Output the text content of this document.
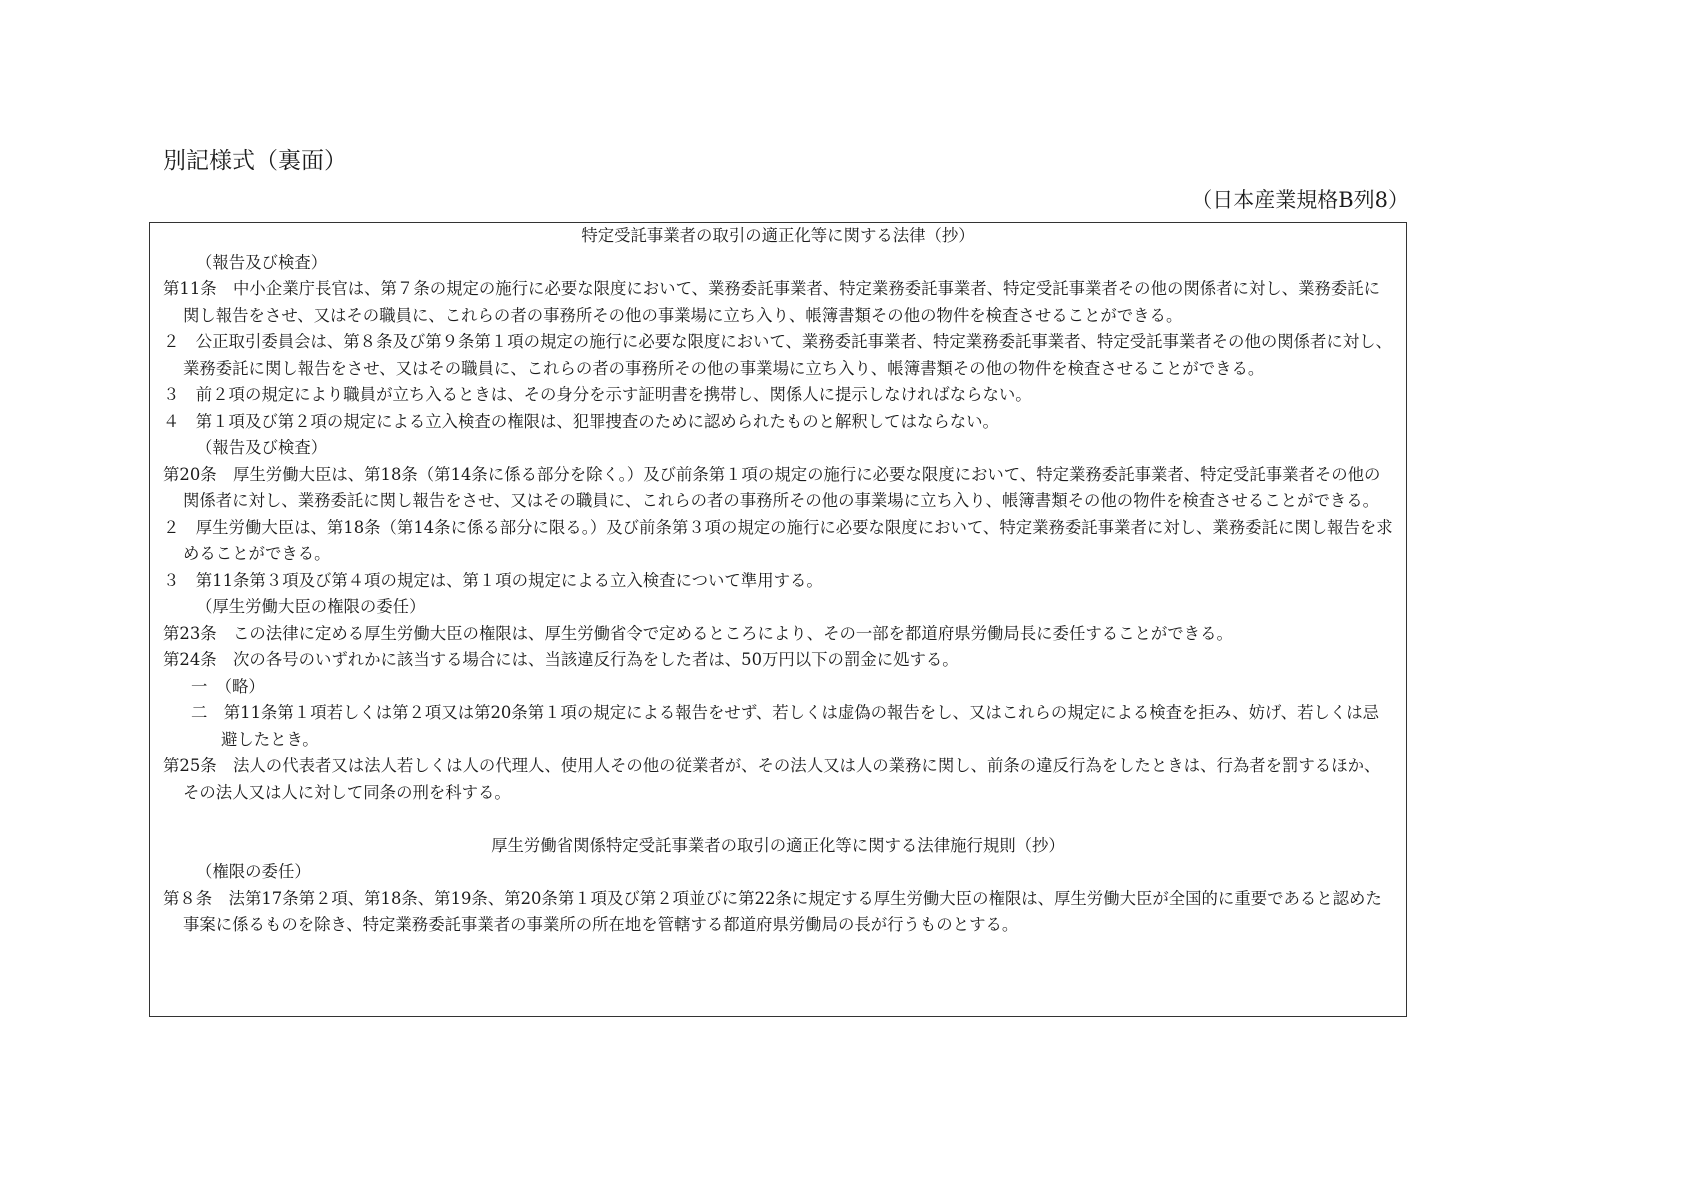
別記様式（裏面）
（日本産業規格B列8）

特定受託事業者の取引の適正化等に関する法律（抄）

（報告及び検査）

第11条　中小企業庁長官は、第７条の規定の施行に必要な限度において、業務委託事業者、特定業務委託事業者、特定受託事業者その他の関係者に対し、業務委託に関し報告をさせ、又はその職員に、これらの者の事務所その他の事業場に立ち入り、帳簿書類その他の物件を検査させることができる。

２　公正取引委員会は、第８条及び第９条第１項の規定の施行に必要な限度において、業務委託事業者、特定業務委託事業者、特定受託事業者その他の関係者に対し、業務委託に関し報告をさせ、又はその職員に、これらの者の事務所その他の事業場に立ち入り、帳簿書類その他の物件を検査させることができる。

３　前２項の規定により職員が立ち入るときは、その身分を示す証明書を携帯し、関係人に提示しなければならない。

４　第１項及び第２項の規定による立入検査の権限は、犯罪捜査のために認められたものと解釈してはならない。

（報告及び検査）

第20条　厚生労働大臣は、第18条（第14条に係る部分を除く。）及び前条第１項の規定の施行に必要な限度において、特定業務委託事業者、特定受託事業者その他の関係者に対し、業務委託に関し報告をさせ、又はその職員に、これらの者の事務所その他の事業場に立ち入り、帳簿書類その他の物件を検査させることができる。

２　厚生労働大臣は、第18条（第14条に係る部分に限る。）及び前条第３項の規定の施行に必要な限度において、特定業務委託事業者に対し、業務委託に関し報告を求めることができる。

３　第11条第３項及び第４項の規定は、第１項の規定による立入検査について準用する。

（厚生労働大臣の権限の委任）

第23条　この法律に定める厚生労働大臣の権限は、厚生労働省令で定めるところにより、その一部を都道府県労働局長に委任することができる。

第24条　次の各号のいずれかに該当する場合には、当該違反行為をした者は、50万円以下の罰金に処する。

一　（略）

二　第11条第１項若しくは第２項又は第20条第１項の規定による報告をせず、若しくは虚偽の報告をし、又はこれらの規定による検査を拒み、妨げ、若しくは忌避したとき。

第25条　法人の代表者又は法人若しくは人の代理人、使用人その他の従業者が、その法人又は人の業務に関し、前条の違反行為をしたときは、行為者を罰するほか、その法人又は人に対して同条の刑を科する。

厚生労働省関係特定受託事業者の取引の適正化等に関する法律施行規則（抄）

（権限の委任）

第８条　法第17条第２項、第18条、第19条、第20条第１項及び第２項並びに第22条に規定する厚生労働大臣の権限は、厚生労働大臣が全国的に重要であると認めた事案に係るものを除き、特定業務委託事業者の事業所の所在地を管轄する都道府県労働局の長が行うものとする。
